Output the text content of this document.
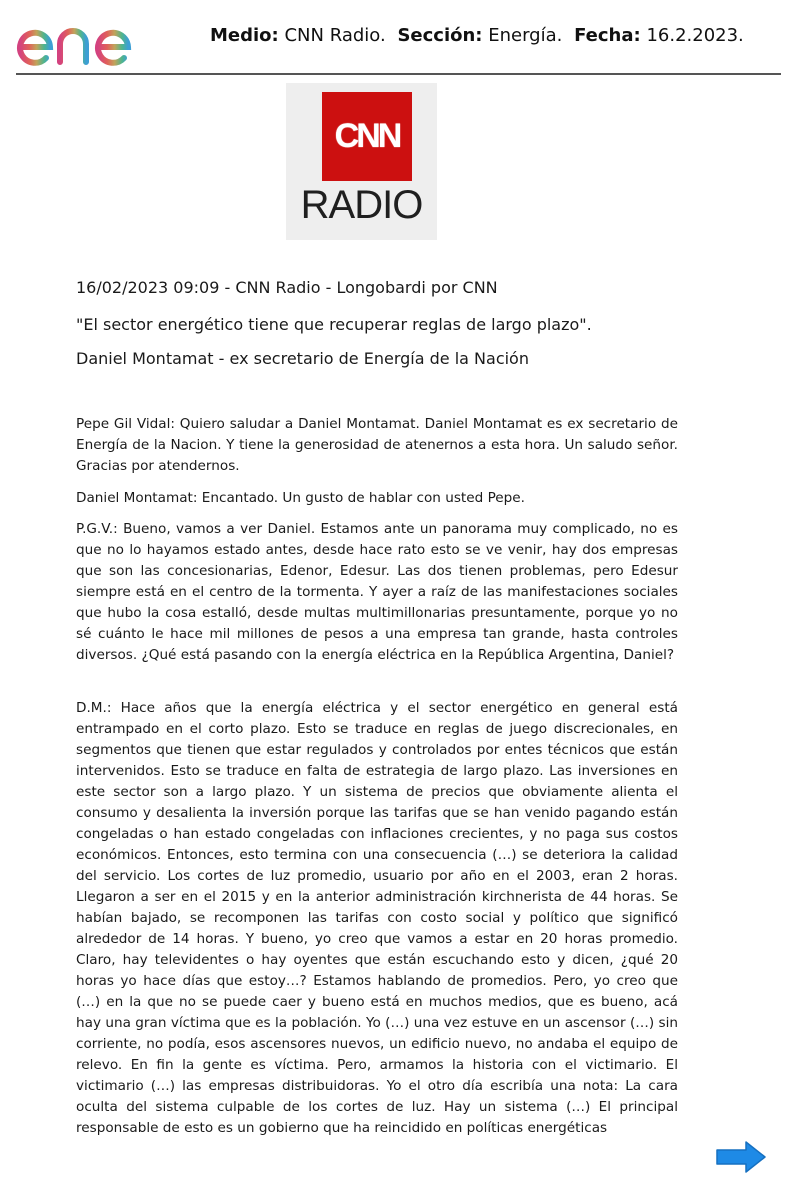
Medio: CNN Radio. Sección: Energía. Fecha: 16.2.2023.
CNN
RADIO
16/02/2023 09:09 - CNN Radio - Longobardi por CNN
"El sector energético tiene que recuperar reglas de largo plazo".
Daniel Montamat - ex secretario de Energía de la Nación
Pepe Gil Vidal: Quiero saludar a Daniel Montamat. Daniel Montamat es ex secretario de Energía de la Nacion. Y tiene la generosidad de atenernos a esta hora. Un saludo señor. Gracias por atendernos.
Daniel Montamat: Encantado. Un gusto de hablar con usted Pepe.
P.G.V.: Bueno, vamos a ver Daniel. Estamos ante un panorama muy complicado, no es que no lo hayamos estado antes, desde hace rato esto se ve venir, hay dos empresas que son las concesionarias, Edenor, Edesur. Las dos tienen problemas, pero Edesur siempre está en el centro de la tormenta. Y ayer a raíz de las manifestaciones sociales que hubo la cosa estalló, desde multas multimillonarias presuntamente, porque yo no sé cuánto le hace mil millones de pesos a una empresa tan grande, hasta controles diversos. ¿Qué está pasando con la energía eléctrica en la República Argentina, Daniel?
D.M.: Hace años que la energía eléctrica y el sector energético en general está entrampado en el corto plazo. Esto se traduce en reglas de juego discrecionales, en segmentos que tienen que estar regulados y controlados por entes técnicos que están intervenidos. Esto se traduce en falta de estrategia de largo plazo. Las inversiones en este sector son a largo plazo. Y un sistema de precios que obviamente alienta el consumo y desalienta la inversión porque las tarifas que se han venido pagando están congeladas o han estado congeladas con inflaciones crecientes, y no paga sus costos económicos. Entonces, esto termina con una consecuencia (…) se deteriora la calidad del servicio. Los cortes de luz promedio, usuario por año en el 2003, eran 2 horas. Llegaron a ser en el 2015 y en la anterior administración kirchnerista de 44 horas. Se habían bajado, se recomponen las tarifas con costo social y político que significó alrededor de 14 horas. Y bueno, yo creo que vamos a estar en 20 horas promedio. Claro, hay televidentes o hay oyentes que están escuchando esto y dicen, ¿qué 20 horas yo hace días que estoy…? Estamos hablando de promedios. Pero, yo creo que (…) en la que no se puede caer y bueno está en muchos medios, que es bueno, acá hay una gran víctima que es la población. Yo (…) una vez estuve en un ascensor (…) sin corriente, no podía, esos ascensores nuevos, un edificio nuevo, no andaba el equipo de relevo. En fin la gente es víctima. Pero, armamos la historia con el victimario. El victimario (…) las empresas distribuidoras. Yo el otro día escribía una nota: La cara oculta del sistema culpable de los cortes de luz. Hay un sistema (…) El principal responsable de esto es un gobierno que ha reincidido en políticas energéticas
